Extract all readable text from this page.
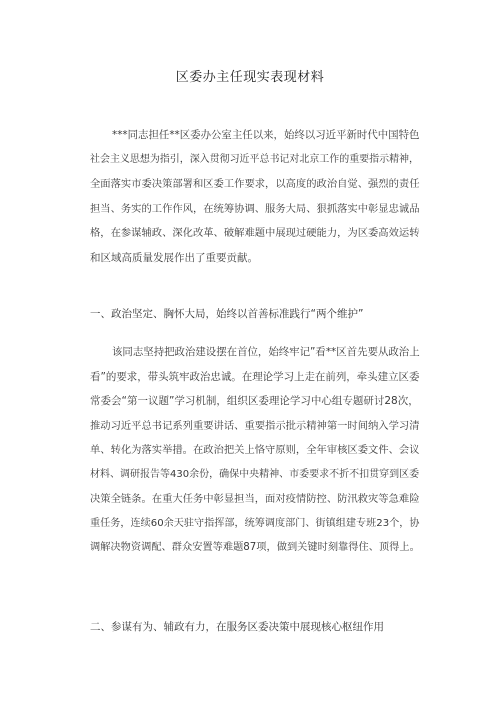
区委办主任现实表现材料
***同志担任**区委办公室主任以来，始终以习近平新时代中国特色
社会主义思想为指引，深入贯彻习近平总书记对北京工作的重要指示精神，
全面落实市委决策部署和区委工作要求，以高度的政治自觉、强烈的责任
担当、务实的工作作风，在统筹协调、服务大局、狠抓落实中彰显忠诚品
格，在参谋辅政、深化改革、破解难题中展现过硬能力，为区委高效运转
和区域高质量发展作出了重要贡献。
一、政治坚定、胸怀大局，始终以首善标准践行“两个维护”
该同志坚持把政治建设摆在首位，始终牢记”看**区首先要从政治上
看”的要求，带头筑牢政治忠诚。在理论学习上走在前列，牵头建立区委
常委会“第一议题”学习机制，组织区委理论学习中心组专题研讨28次，
推动习近平总书记系列重要讲话、重要指示批示精神第一时间纳入学习清
单、转化为落实举措。在政治把关上恪守原则，全年审核区委文件、会议
材料、调研报告等430余份，确保中央精神、市委要求不折不扣贯穿到区委
决策全链条。在重大任务中彰显担当，面对疫情防控、防汛救灾等急难险
重任务，连续60余天驻守指挥部，统筹调度部门、街镇组建专班23个，协
调解决物资调配、群众安置等难题87项，做到关键时刻靠得住、顶得上。
二、参谋有为、辅政有力，在服务区委决策中展现核心枢纽作用
